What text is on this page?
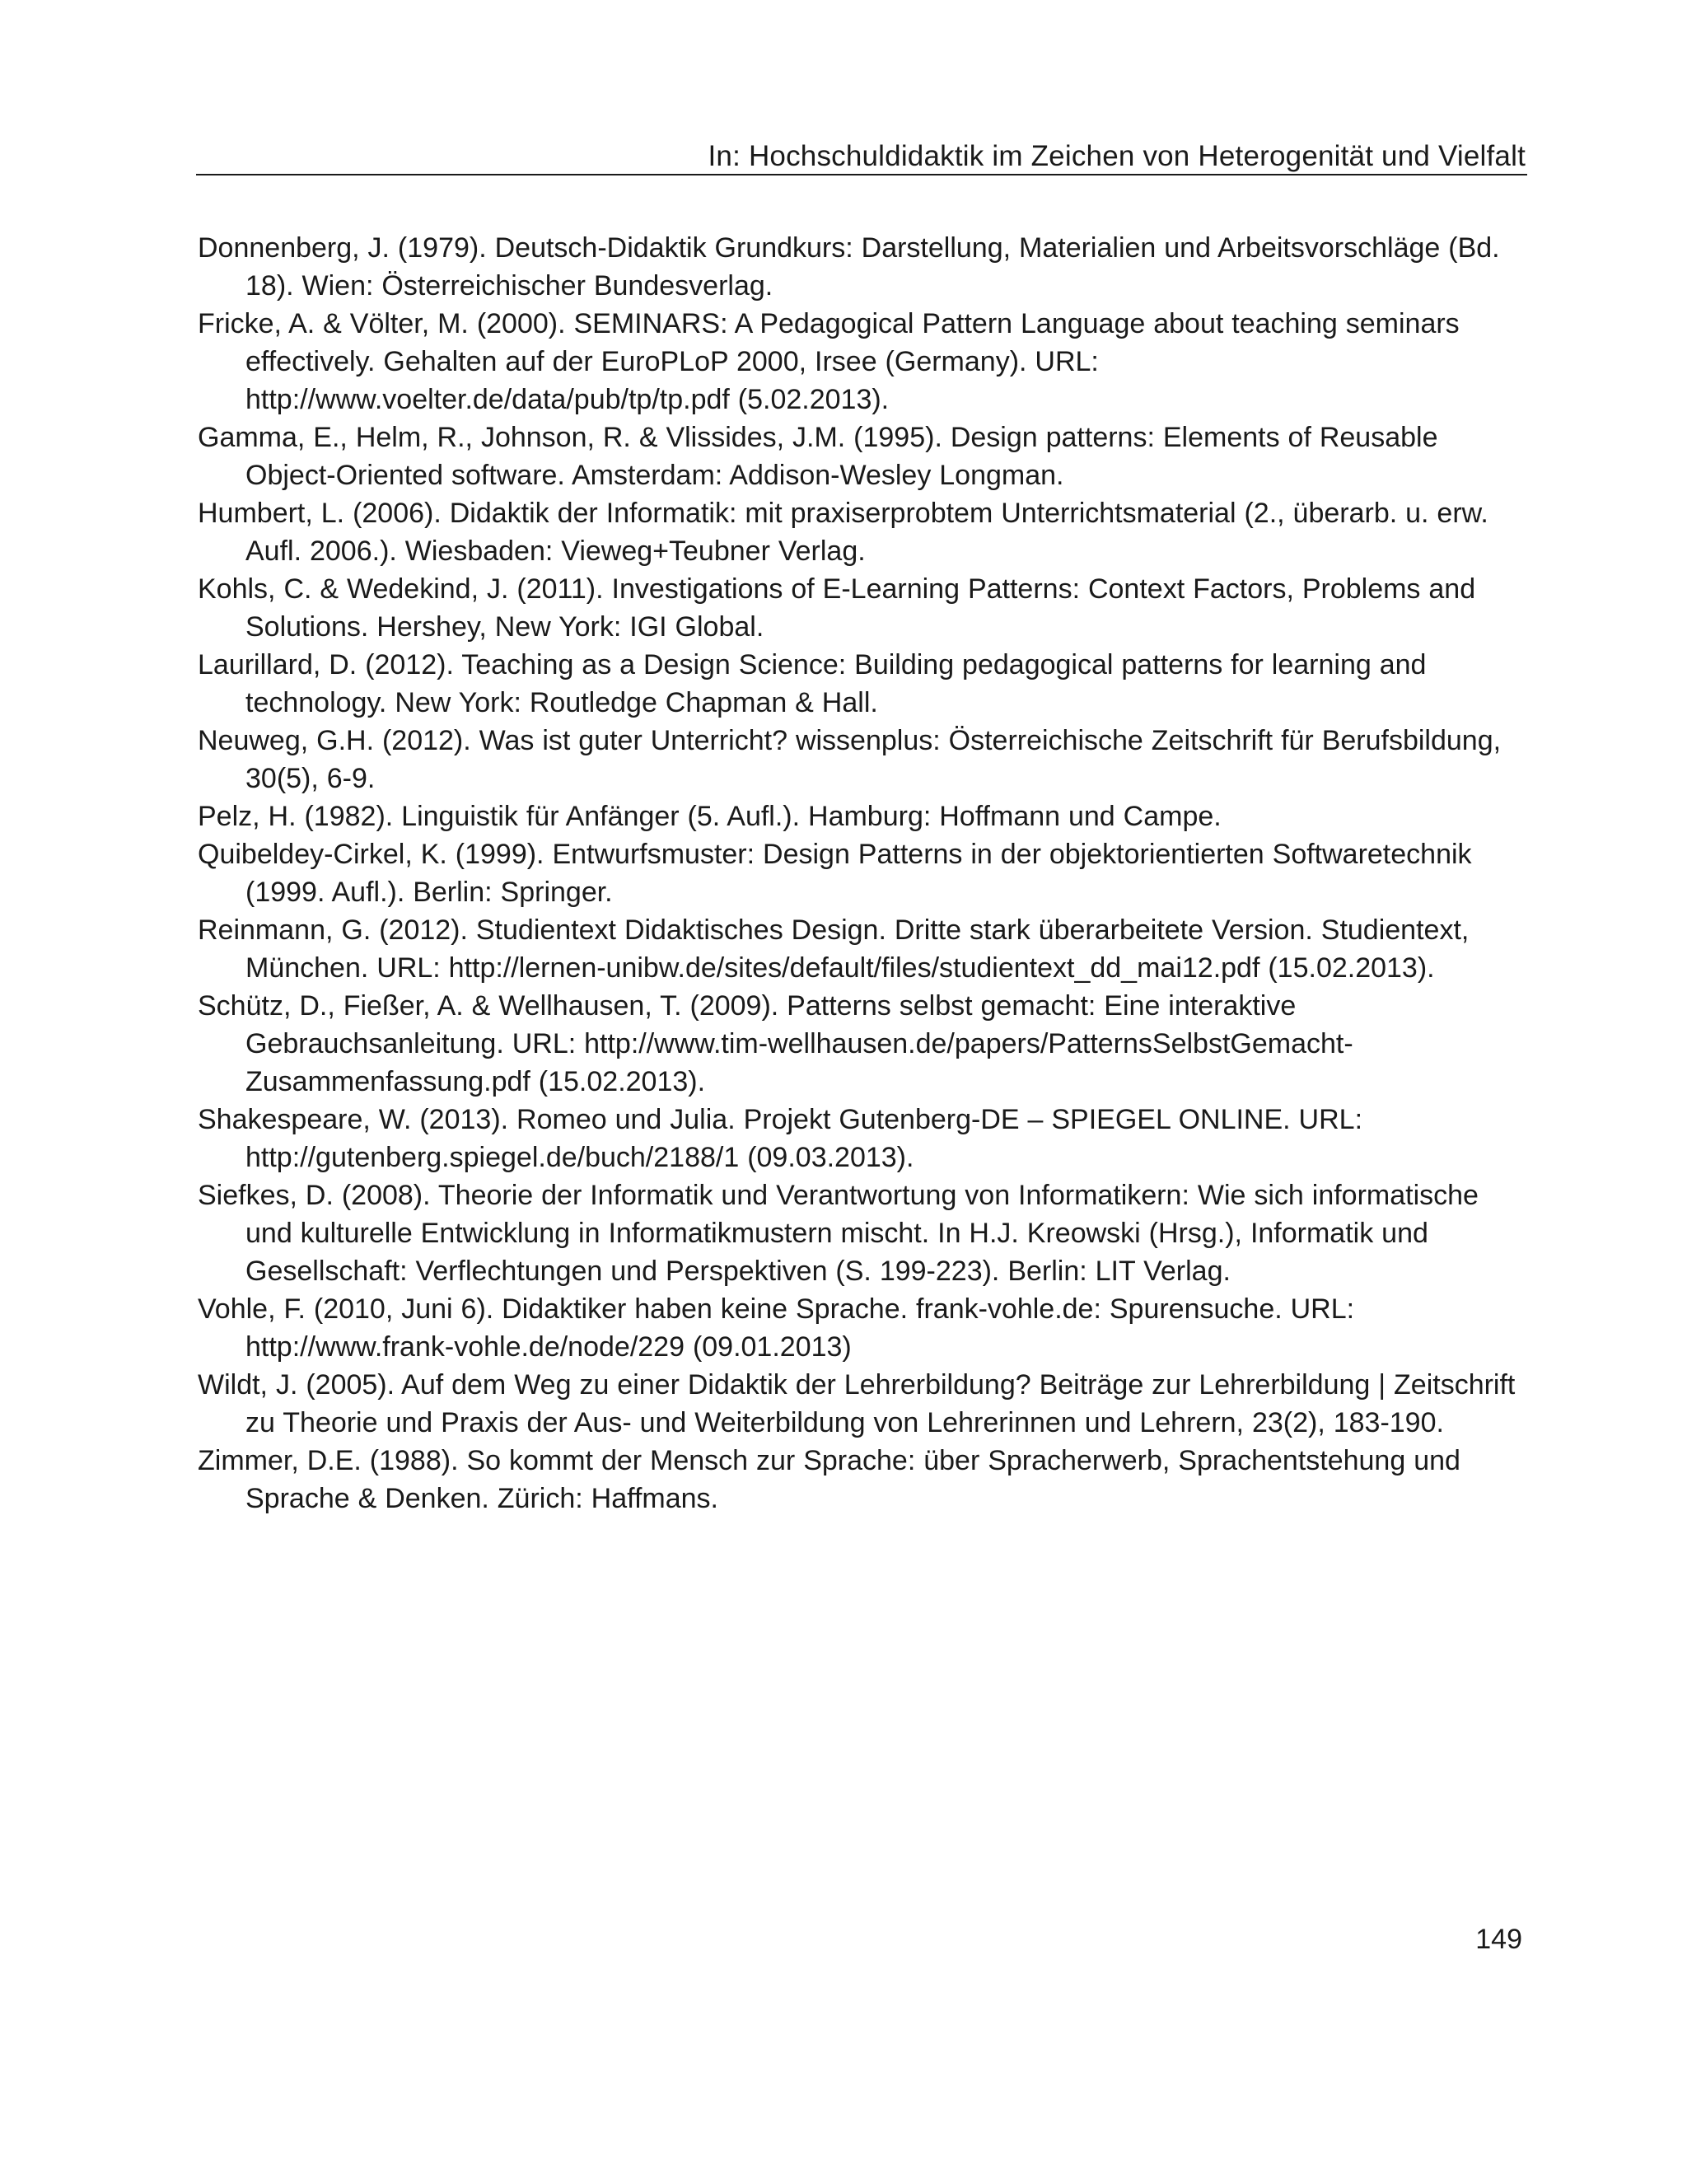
In: Hochschuldidaktik im Zeichen von Heterogenität und Vielfalt
Donnenberg, J. (1979). Deutsch-Didaktik Grundkurs: Darstellung, Materialien und Arbeitsvorschläge (Bd. 18). Wien: Österreichischer Bundesverlag.
Fricke, A. & Völter, M. (2000). SEMINARS: A Pedagogical Pattern Language about teaching seminars effectively. Gehalten auf der EuroPLoP 2000, Irsee (Germany). URL: http://www.voelter.de/data/pub/tp/tp.pdf (5.02.2013).
Gamma, E., Helm, R., Johnson, R. & Vlissides, J.M. (1995). Design patterns: Elements of Reusable Object-Oriented software. Amsterdam: Addison-Wesley Longman.
Humbert, L. (2006). Didaktik der Informatik: mit praxiserprobtem Unterrichtsmaterial (2., überarb. u. erw. Aufl. 2006.). Wiesbaden: Vieweg+Teubner Verlag.
Kohls, C. & Wedekind, J. (2011). Investigations of E-Learning Patterns: Context Factors, Problems and Solutions. Hershey, New York: IGI Global.
Laurillard, D. (2012). Teaching as a Design Science: Building pedagogical patterns for learning and technology. New York: Routledge Chapman & Hall.
Neuweg, G.H. (2012). Was ist guter Unterricht? wissenplus: Österreichische Zeitschrift für Berufsbildung, 30(5), 6-9.
Pelz, H. (1982). Linguistik für Anfänger (5. Aufl.). Hamburg: Hoffmann und Campe.
Quibeldey-Cirkel, K. (1999). Entwurfsmuster: Design Patterns in der objektorientierten Softwaretechnik (1999. Aufl.). Berlin: Springer.
Reinmann, G. (2012). Studientext Didaktisches Design. Dritte stark überarbeitete Version. Studientext, München. URL: http://lernen-unibw.de/sites/default/files/studientext_dd_mai12.pdf (15.02.2013).
Schütz, D., Fießer, A. & Wellhausen, T. (2009). Patterns selbst gemacht: Eine interaktive Gebrauchsanleitung. URL: http://www.tim-wellhausen.de/papers/PatternsSelbstGemacht-Zusammenfassung.pdf (15.02.2013).
Shakespeare, W. (2013). Romeo und Julia. Projekt Gutenberg-DE – SPIEGEL ONLINE. URL: http://gutenberg.spiegel.de/buch/2188/1 (09.03.2013).
Siefkes, D. (2008). Theorie der Informatik und Verantwortung von Informatikern: Wie sich informatische und kulturelle Entwicklung in Informatikmustern mischt. In H.J. Kreowski (Hrsg.), Informatik und Gesellschaft: Verflechtungen und Perspektiven (S. 199-223). Berlin: LIT Verlag.
Vohle, F. (2010, Juni 6). Didaktiker haben keine Sprache. frank-vohle.de: Spurensuche. URL: http://www.frank-vohle.de/node/229 (09.01.2013)
Wildt, J. (2005). Auf dem Weg zu einer Didaktik der Lehrerbildung? Beiträge zur Lehrerbildung | Zeitschrift zu Theorie und Praxis der Aus- und Weiterbildung von Lehrerinnen und Lehrern, 23(2), 183-190.
Zimmer, D.E. (1988). So kommt der Mensch zur Sprache: über Spracherwerb, Sprachentstehung und Sprache & Denken. Zürich: Haffmans.
149
